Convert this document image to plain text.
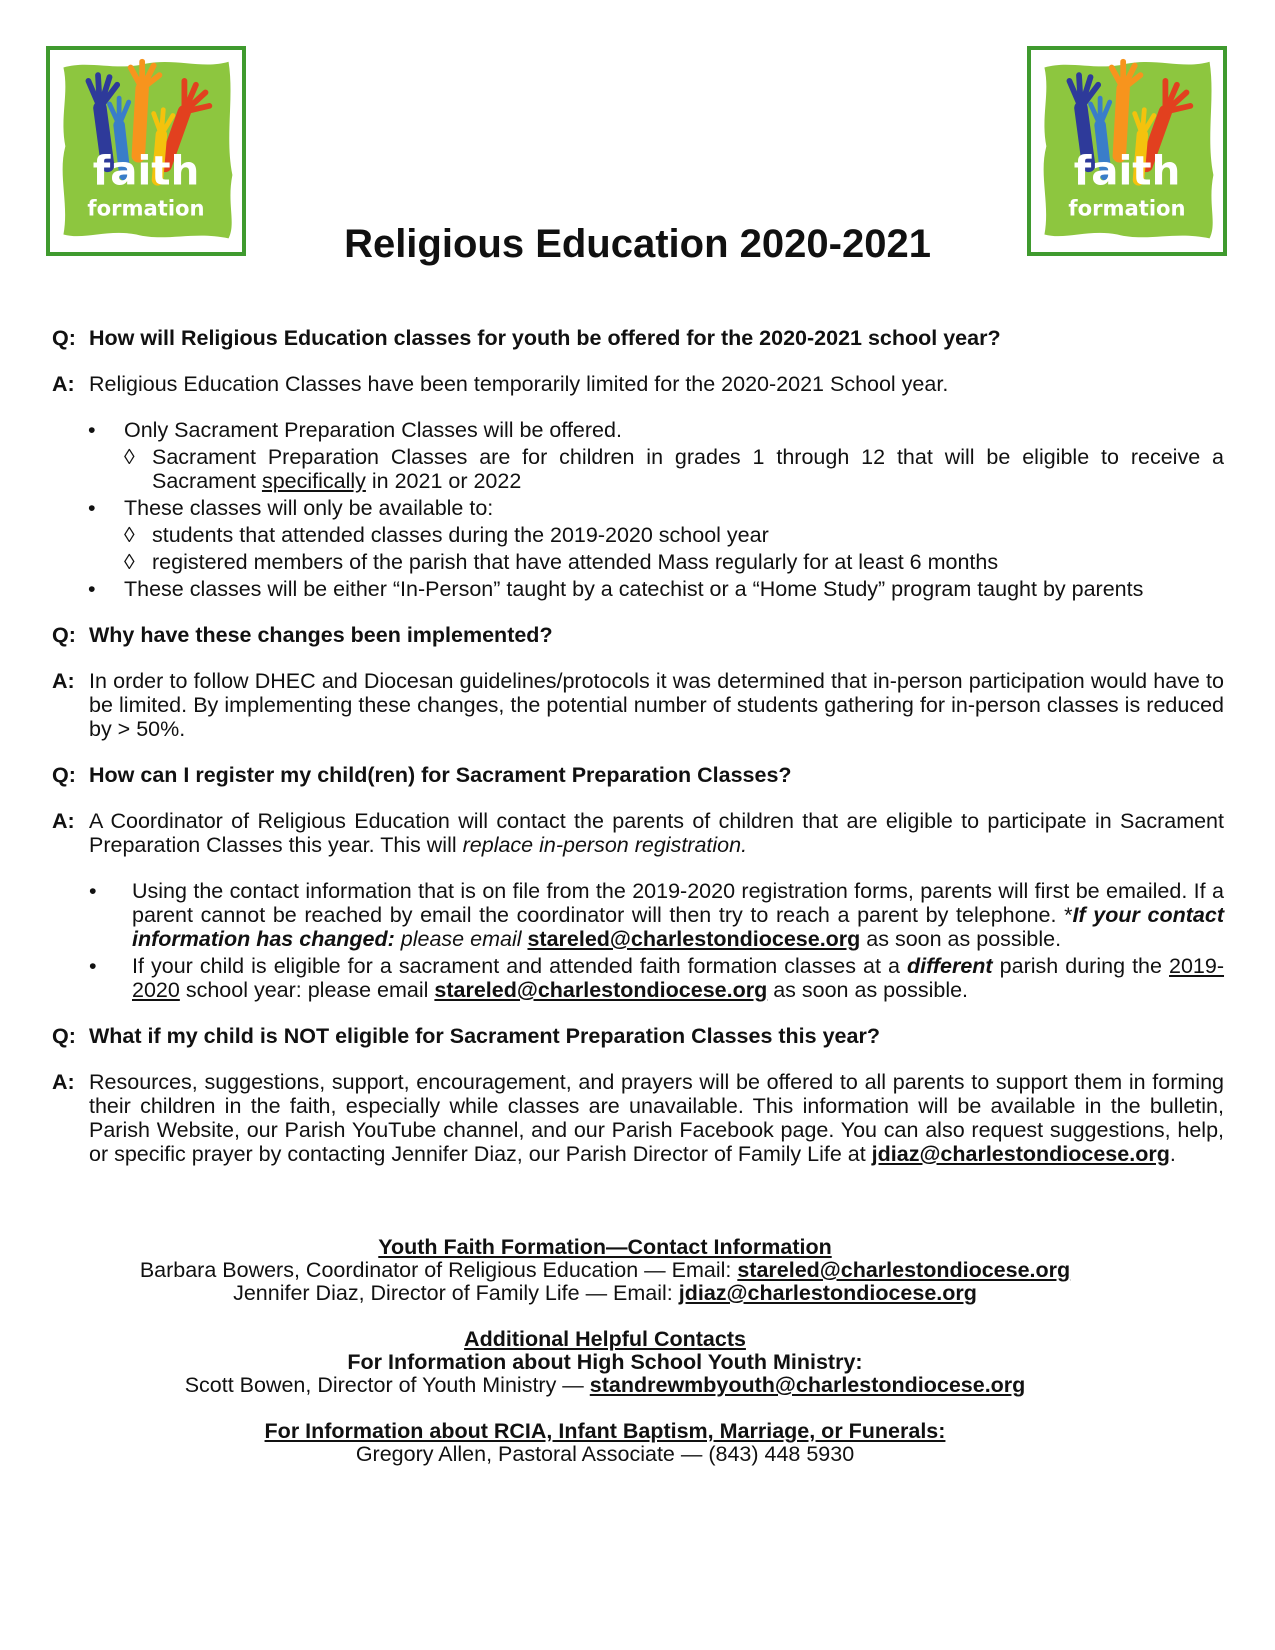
faith
formation
faith
formation
Religious Education 2020-2021
Q: How will Religious Education classes for youth be offered for the 2020-2021 school year?
A: Religious Education Classes have been temporarily limited for the 2020-2021 School year.
• Only Sacrament Preparation Classes will be offered.
◊ Sacrament Preparation Classes are for children in grades 1 through 12 that will be eligible to receive a Sacrament specifically in 2021 or 2022
• These classes will only be available to:
◊ students that attended classes during the 2019-2020 school year
◊ registered members of the parish that have attended Mass regularly for at least 6 months
• These classes will be either “In-Person” taught by a catechist or a “Home Study” program taught by parents
Q: Why have these changes been implemented?
A: In order to follow DHEC and Diocesan guidelines/protocols it was determined that in-person participation would have to be limited. By implementing these changes, the potential number of students gathering for in-person classes is reduced by > 50%.
Q: How can I register my child(ren) for Sacrament Preparation Classes?
A: A Coordinator of Religious Education will contact the parents of children that are eligible to participate in Sacrament Preparation Classes this year. This will replace in-person registration.
• Using the contact information that is on file from the 2019-2020 registration forms, parents will first be emailed. If a parent cannot be reached by email the coordinator will then try to reach a parent by telephone. *If your contact information has changed: please email stareled@charlestondiocese.org as soon as possible.
• If your child is eligible for a sacrament and attended faith formation classes at a different parish during the 2019-2020 school year: please email stareled@charlestondiocese.org as soon as possible.
Q: What if my child is NOT eligible for Sacrament Preparation Classes this year?
A: Resources, suggestions, support, encouragement, and prayers will be offered to all parents to support them in forming their children in the faith, especially while classes are unavailable. This information will be available in the bulletin, Parish Website, our Parish YouTube channel, and our Parish Facebook page. You can also request suggestions, help, or specific prayer by contacting Jennifer Diaz, our Parish Director of Family Life at jdiaz@charlestondiocese.org.

Youth Faith Formation—Contact Information

Barbara Bowers, Coordinator of Religious Education — Email: stareled@charlestondiocese.org

Jennifer Diaz, Director of Family Life — Email: jdiaz@charlestondiocese.org

Additional Helpful Contacts

For Information about High School Youth Ministry:

Scott Bowen, Director of Youth Ministry — standrewmbyouth@charlestondiocese.org

For Information about RCIA, Infant Baptism, Marriage, or Funerals:

Gregory Allen, Pastoral Associate — (843) 448 5930
